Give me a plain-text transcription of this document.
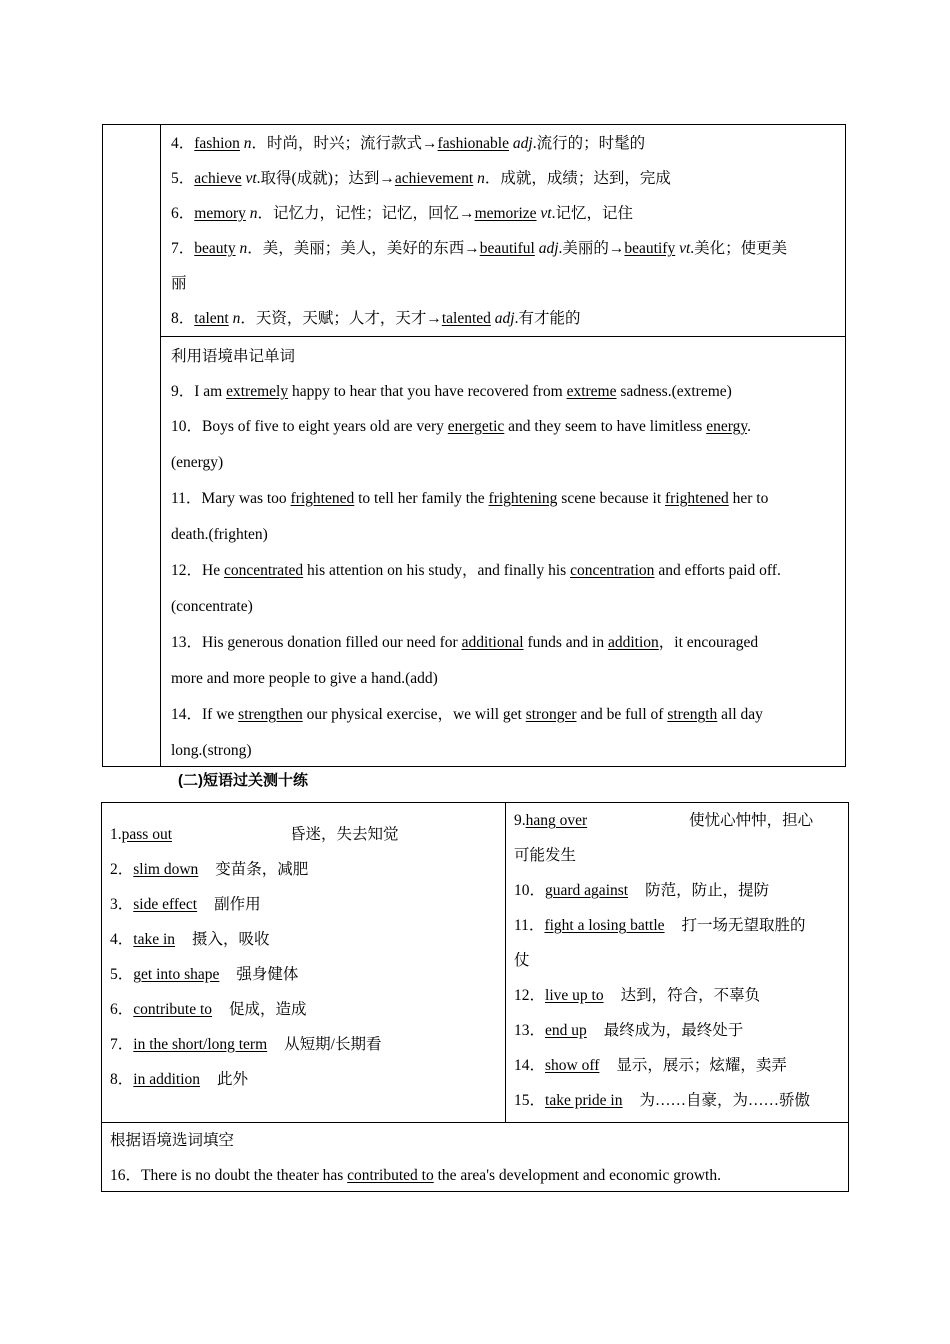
4．fashion n．时尚，时兴；流行款式→fashionable adj.流行的；时髦的
5．achieve vt.取得(成就)；达到→achievement n．成就，成绩；达到，完成
6．memory n．记忆力，记性；记忆，回忆→memorize vt.记忆，记住
7．beauty n．美，美丽；美人，美好的东西→beautiful adj.美丽的→beautify vt.美化；使更美
丽
8．talent n．天资，天赋；人才，天才→talented adj.有才能的
利用语境串记单词
9．I am extremely happy to hear that you have recovered from extreme sadness.(extreme)
10．Boys of five to eight years old are very energetic and they seem to have limitless energy.
(energy)
11．Mary was too frightened to tell her family the frightening scene because it frightened her to
death.(frighten)
12．He concentrated his attention on his study，and finally his concentration and efforts paid off.
(concentrate)
13．His generous donation filled our need for additional funds and in addition，it encouraged
more and more people to give a hand.(add)
14．If we strengthen our physical exercise，we will get stronger and be full of strength all day
long.(strong)
(二)短语过关测十练
1.pass out	昏迷，失去知觉
2．slim down 变苗条，减肥
3．side effect 副作用
4．take in 摄入，吸收
5．get into shape 强身健体
6．contribute to 促成，造成
7．in the short/long term 从短期/长期看
8．in addition 此外
9.hang over	使忧心忡忡，担心
可能发生
10．guard against 防范，防止，提防
11．fight a losing battle 打一场无望取胜的
仗
12．live up to 达到，符合，不辜负
13．end up 最终成为，最终处于
14．show off 显示，展示；炫耀，卖弄
15．take pride in 为……自豪，为……骄傲
根据语境选词填空
16．There is no doubt the theater has contributed to the area's development and economic growth.
